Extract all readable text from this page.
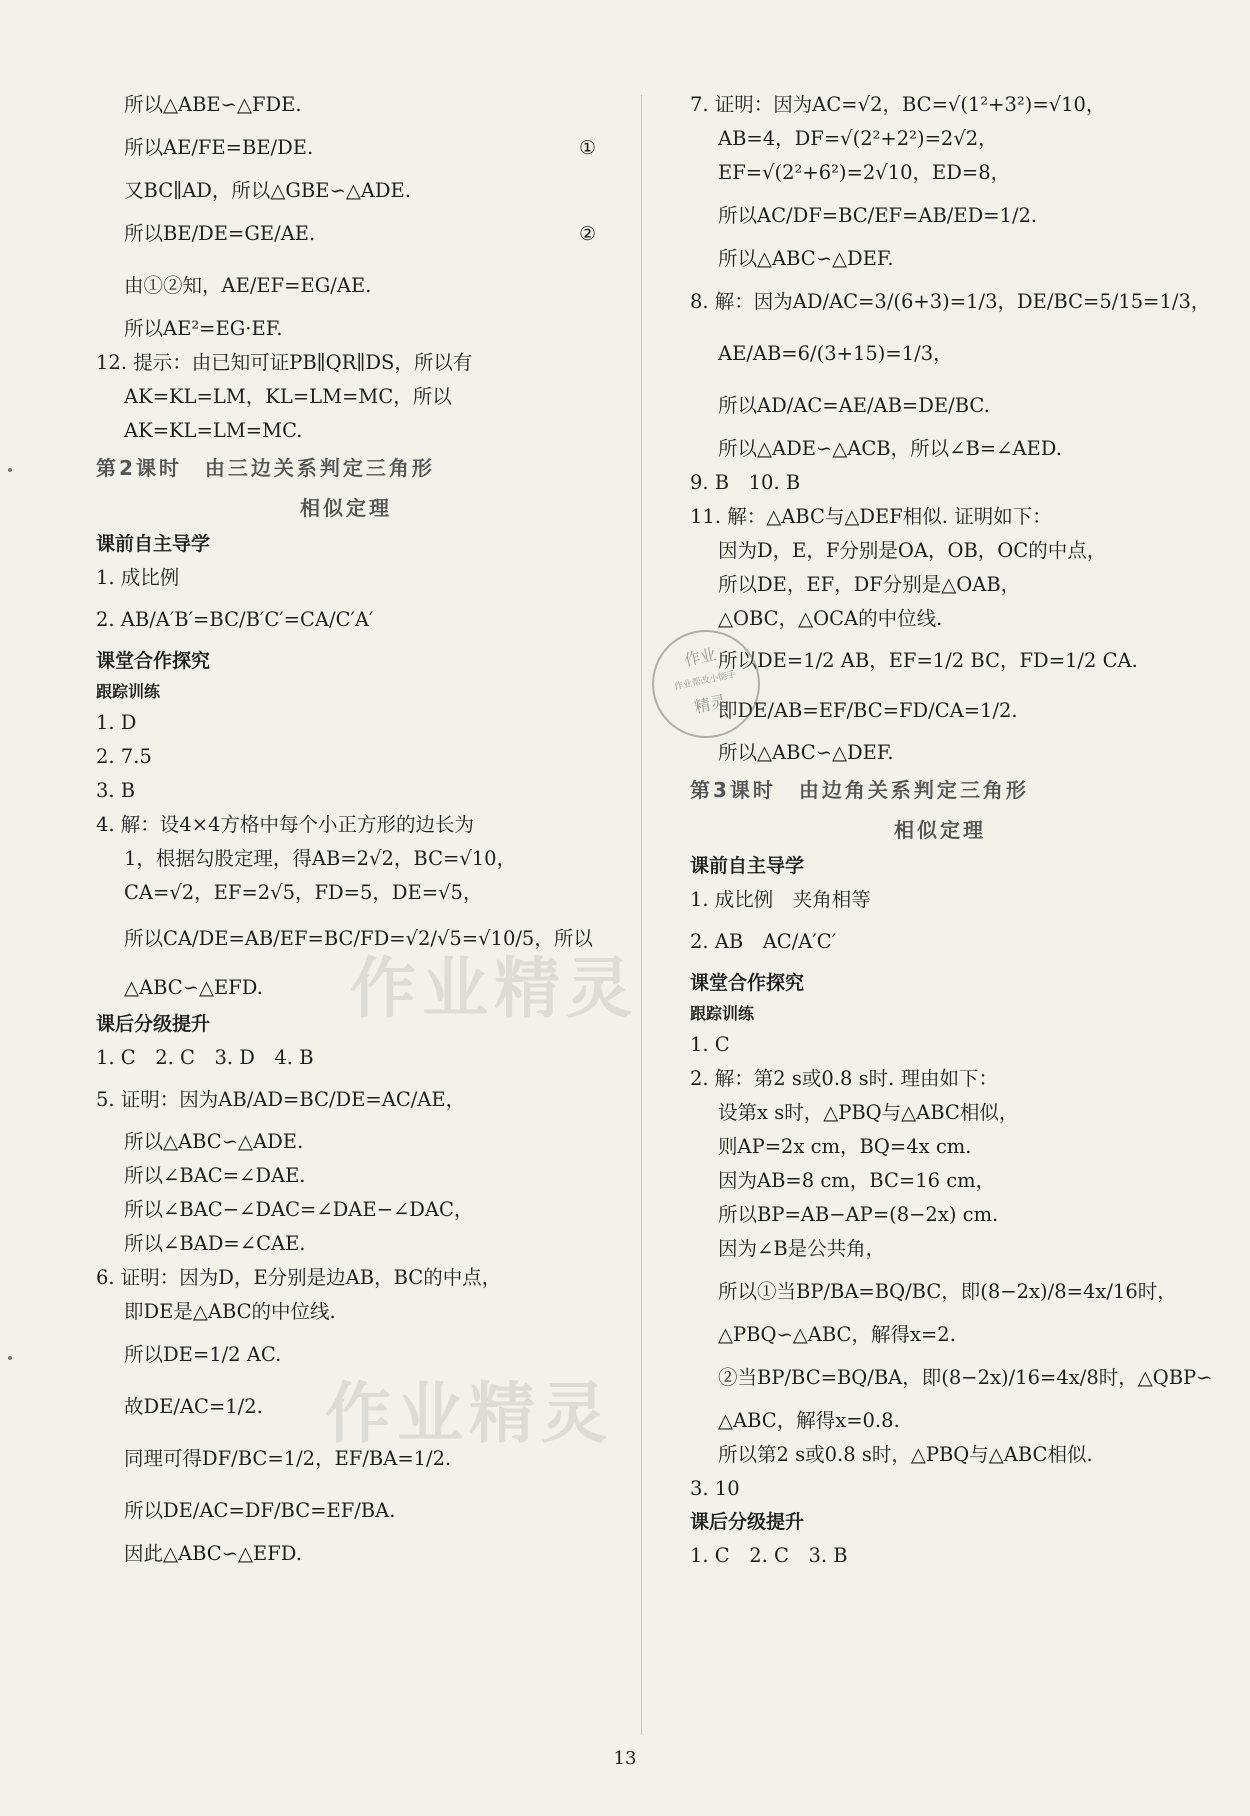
所以△ABE∽△FDE.
①
所以AE/FE=BE/DE.
又BC∥AD，所以△GBE∽△ADE.
②
所以BE/DE=GE/AE.
由①②知，AE/EF=EG/AE.
所以AE²=EG·EF.
12. 提示：由已知可证PB∥QR∥DS，所以有
AK=KL=LM，KL=LM=MC，所以
AK=KL=LM=MC.
第2课时　由三边关系判定三角形
相似定理
课前自主导学
1. 成比例
2. AB/A′B′=BC/B′C′=CA/C′A′
课堂合作探究
跟踪训练
1. D
2. 7.5
3. B
4. 解：设4×4方格中每个小正方形的边长为
1，根据勾股定理，得AB=2√2，BC=√10，
CA=√2，EF=2√5，FD=5，DE=√5，
所以CA/DE=AB/EF=BC/FD=√2/√5=√10/5，所以
△ABC∽△EFD.
课后分级提升
1. C　2. C　3. D　4. B
5. 证明：因为AB/AD=BC/DE=AC/AE，
所以△ABC∽△ADE.
所以∠BAC=∠DAE.
所以∠BAC−∠DAC=∠DAE−∠DAC，
所以∠BAD=∠CAE.
6. 证明：因为D，E分别是边AB，BC的中点，
即DE是△ABC的中位线.
所以DE=1/2 AC.
故DE/AC=1/2.
同理可得DF/BC=1/2，EF/BA=1/2.
所以DE/AC=DF/BC=EF/BA.
因此△ABC∽△EFD.
7. 证明：因为AC=√2，BC=√(1²+3²)=√10，
AB=4，DF=√(2²+2²)=2√2，
EF=√(2²+6²)=2√10，ED=8，
所以AC/DF=BC/EF=AB/ED=1/2.
所以△ABC∽△DEF.
8. 解：因为AD/AC=3/(6+3)=1/3，DE/BC=5/15=1/3，
AE/AB=6/(3+15)=1/3，
所以AD/AC=AE/AB=DE/BC.
所以△ADE∽△ACB，所以∠B=∠AED.
9. B　10. B
11. 解：△ABC与△DEF相似. 证明如下：
因为D，E，F分别是OA，OB，OC的中点，
所以DE，EF，DF分别是△OAB，
△OBC，△OCA的中位线.
所以DE=1/2 AB，EF=1/2 BC，FD=1/2 CA.
即DE/AB=EF/BC=FD/CA=1/2.
所以△ABC∽△DEF.
第3课时　由边角关系判定三角形
相似定理
课前自主导学
1. 成比例　夹角相等
2. AB　AC/A′C′
课堂合作探究
跟踪训练
1. C
2. 解：第2 s或0.8 s时. 理由如下：
设第x s时，△PBQ与△ABC相似，
则AP=2x cm，BQ=4x cm.
因为AB=8 cm，BC=16 cm，
所以BP=AB−AP=(8−2x) cm.
因为∠B是公共角，
所以①当BP/BA=BQ/BC，即(8−2x)/8=4x/16时，
△PBQ∽△ABC，解得x=2.
②当BP/BC=BQ/BA，即(8−2x)/16=4x/8时，△QBP∽
△ABC，解得x=0.8.
所以第2 s或0.8 s时，△PBQ与△ABC相似.
3. 10
课后分级提升
1. C　2. C　3. B
作业精灵
作业精灵
作业
作业帮改小能手
精灵
13
